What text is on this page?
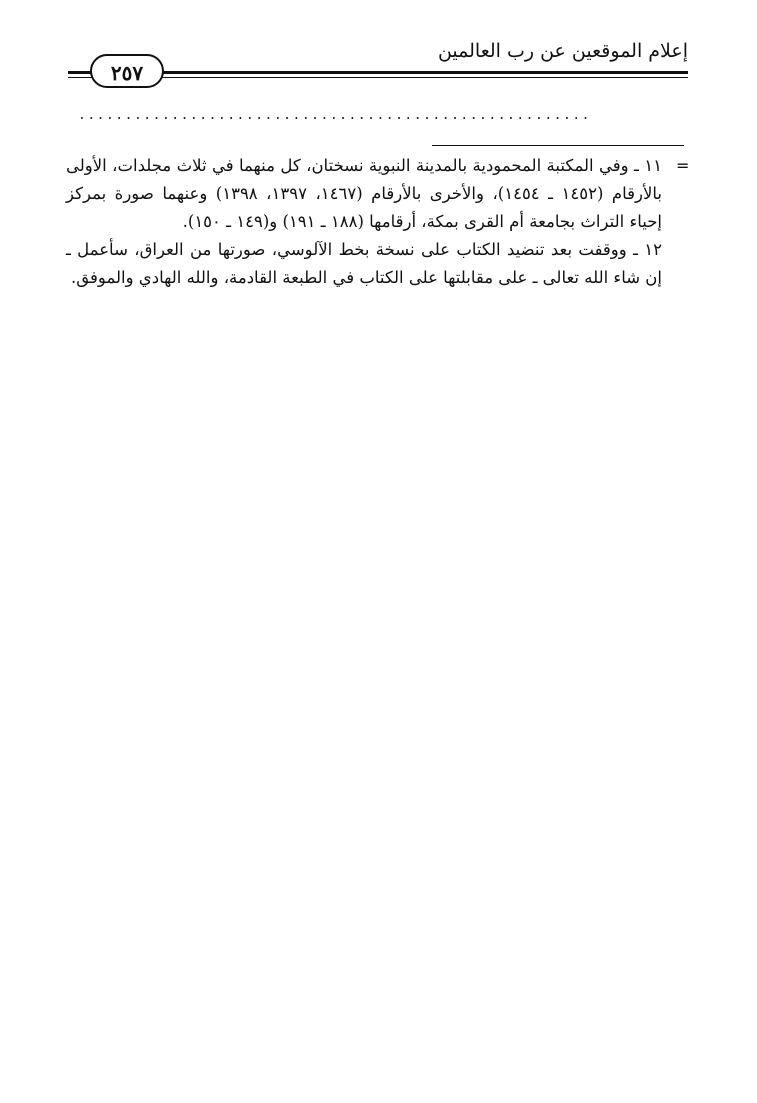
إعلام الموقعين عن رب العالمين
٢٥٧
.......................................................
=

١١ ـ وفي المكتبة المحمودية بالمدينة النبوية نسختان، كل منهما في ثلاث مجلدات، الأولى بالأرقام (١٤٥٢ ـ ١٤٥٤)، والأخرى بالأرقام (١٤٦٧، ١٣٩٧، ١٣٩٨) وعنهما صورة بمركز إحياء التراث بجامعة أم القرى بمكة، أرقامها (١٨٨ ـ ١٩١) و(١٤٩ ـ ١٥٠).

١٢ ـ ووقفت بعد تنضيد الكتاب على نسخة بخط الآلوسي، صورتها من العراق، سأعمل ـ إن شاء الله تعالى ـ على مقابلتها على الكتاب في الطبعة القادمة، والله الهادي والموفق.
